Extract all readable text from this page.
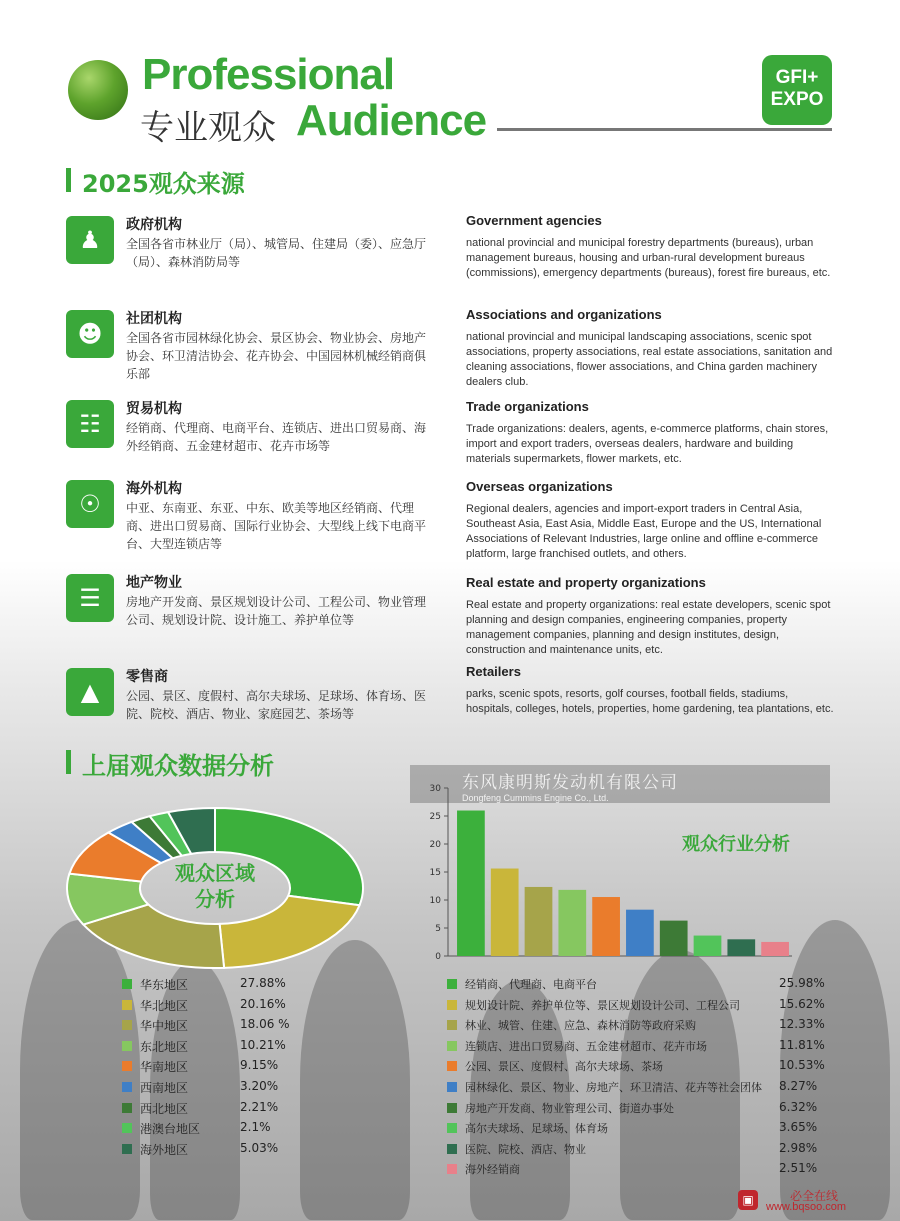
东风康明斯发动机有限公司
Dongfeng Cummins Engine Co., Ltd.
Professional
专业观众 Audience
GFI+
EXPO
2025观众来源
♟
政府机构
全国各省市林业厅（局）、城管局、住建局（委）、应急厅（局）、森林消防局等
☻
社团机构
全国各省市园林绿化协会、景区协会、物业协会、房地产协会、环卫清洁协会、花卉协会、中国园林机械经销商俱乐部
☷
贸易机构
经销商、代理商、电商平台、连锁店、进出口贸易商、海外经销商、五金建材超市、花卉市场等
☉
海外机构
中亚、东南亚、东亚、中东、欧美等地区经销商、代理商、进出口贸易商、国际行业协会、大型线上线下电商平台、大型连锁店等
☰
地产物业
房地产开发商、景区规划设计公司、工程公司、物业管理公司、规划设计院、设计施工、养护单位等
▲
零售商
公园、景区、度假村、高尔夫球场、足球场、体育场、医院、院校、酒店、物业、家庭园艺、茶场等
Government agencies
national provincial and municipal forestry departments (bureaus), urban management bureaus, housing and urban-rural development bureaus (commissions), emergency departments (bureaus), forest fire bureaus, etc.
Associations and organizations
national provincial and municipal landscaping associations, scenic spot associations, property associations, real estate associations, sanitation and cleaning associations, flower associations, and China garden machinery dealers club.
Trade organizations
Trade organizations: dealers, agents, e-commerce platforms, chain stores, import and export traders, overseas dealers, hardware and building materials supermarkets, flower markets, etc.
Overseas organizations
Regional dealers, agencies and import-export traders in Central Asia, Southeast Asia, East Asia, Middle East, Europe and the US, International Associations of Relevant Industries, large online and offline e-commerce platform, large franchised outlets, and others.
Real estate and property organizations
Real estate and property organizations: real estate developers, scenic spot planning and design companies, engineering companies, property management companies, planning and design institutes, design, construction and maintenance units, etc.
Retailers
parks, scenic spots, resorts, golf courses, football fields, stadiums, hospitals, colleges, hotels, properties, home gardening, tea plantations, etc.
上届观众数据分析
观众区域
分析
华东地区	27.88%
华北地区	20.16%
华中地区	18.06 %
东北地区	10.21%
华南地区	9.15%
西南地区	3.20%
西北地区	2.21%
港澳台地区	2.1%
海外地区	5.03%
0
5
10
15
20
25
30
观众行业分析
经销商、代理商、电商平台	25.98%
规划设计院、养护单位等、景区规划设计公司、工程公司	15.62%
林业、城管、住建、应急、森林消防等政府采购	12.33%
连锁店、进出口贸易商、五金建材超市、花卉市场	11.81%
公园、景区、度假村、高尔夫球场、茶场	10.53%
园林绿化、景区、物业、房地产、环卫清洁、花卉等社会团体 8.27%
房地产开发商、物业管理公司、街道办事处	6.32%
高尔夫球场、足球场、体育场	3.65%
医院、院校、酒店、物业	2.98%
海外经销商	2.51%
▣	必全在线
www.bqsoo.com
